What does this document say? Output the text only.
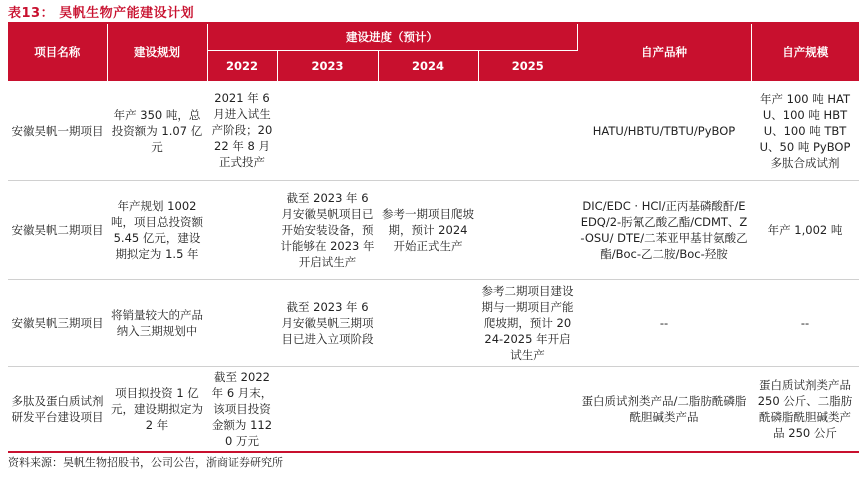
表13： 昊帆生物产能建设计划
项目名称	建设规划	建设进度（预计）				自产品种	自产规模
		2022	2023	2024	2025		
安徽昊帆一期项目	年产 350 吨，总投资额为 1.07 亿元	2021 年 6 月进入试生产阶段；2022 年 8 月正式投产				HATU/HBTU/TBTU/PyBOP	年产 100 吨 HATU、100 吨 HBTU、100 吨 TBTU、50 吨 PyBOP 多肽合成试剂
安徽昊帆二期项目	年产规划 1002 吨，项目总投资额 5.45 亿元，建设期拟定为 1.5 年		截至 2023 年 6 月安徽昊帆项目已开始安装设备，预计能够在 2023 年开启试生产	参考一期项目爬坡期，预计 2024 开始正式生产		DIC/EDC · HCl/正丙基磷酸酐/EEDQ/2-肟氰乙酸乙酯/CDMT、Z-OSU/ DTE/二苯亚甲基甘氨酸乙酯/Boc-乙二胺/Boc-羟胺	年产 1,002 吨
安徽昊帆三期项目	将销量较大的产品纳入三期规划中		截至 2023 年 6 月安徽昊帆三期项目已进入立项阶段		参考二期项目建设 期与一期项目产能爬坡期，预计 2024-2025 年开启试生产	--	--
多肽及蛋白质试剂研发平台建设项目	项目拟投资 1 亿元，建设期拟定为 2 年	截至 2022 年 6 月末，该项目投资金额为 1120 万元				蛋白质试剂类产品/二脂肪酰磷脂酰胆碱类产品	蛋白质试剂类产品 250 公斤、二脂肪酰磷脂酰胆碱类产品 250 公斤
资料来源：昊帆生物招股书，公司公告，浙商证券研究所
